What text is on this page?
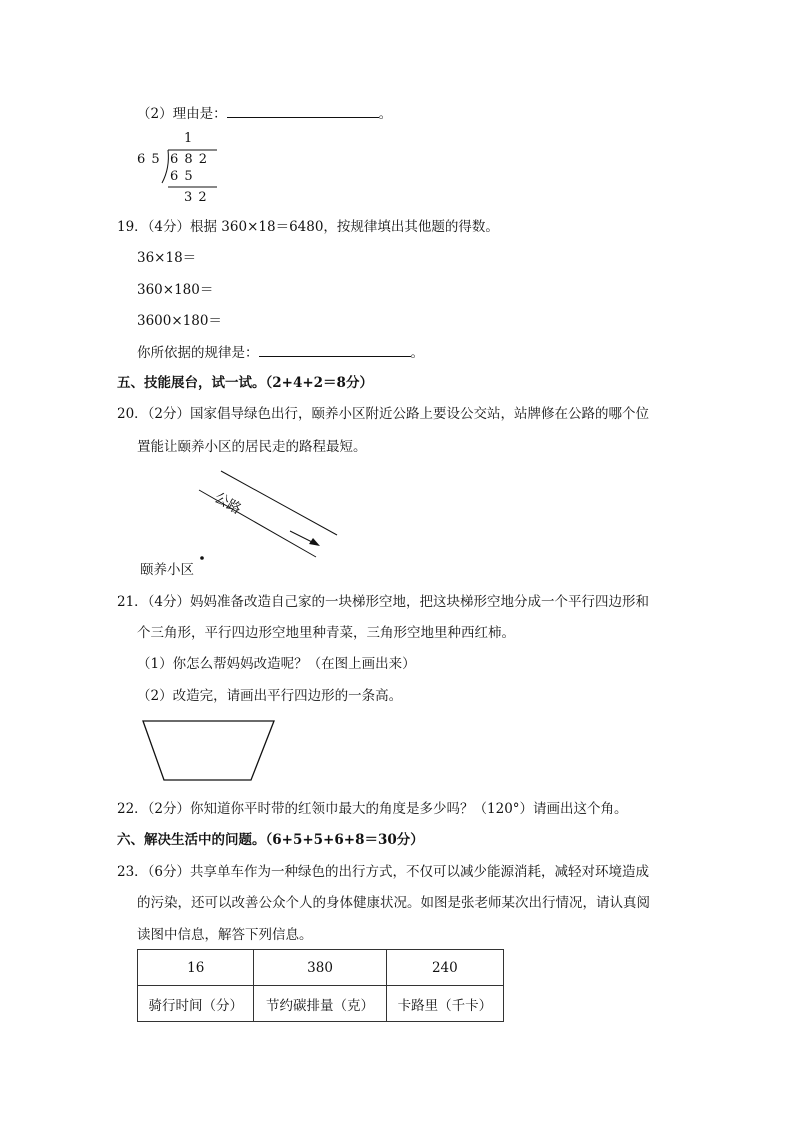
（2）理由是：	。
1
6 5 6 8 2
6 5
3 2
19．（4分）根据 360×18＝6480，按规律填出其他题的得数。
36×18＝
360×180＝
3600×180＝
你所依据的规律是：	。
五、技能展台，试一试。（2+4+2＝8分）
20．（2分）国家倡导绿色出行，颐养小区附近公路上要设公交站，站牌修在公路的哪个位
置能让颐养小区的居民走的路程最短。
公路
颐养小区
21．（4分）妈妈准备改造自己家的一块梯形空地，把这块梯形空地分成一个平行四边形和
个三角形，平行四边形空地里种青菜，三角形空地里种西红柿。
（1）你怎么帮妈妈改造呢？（在图上画出来）
（2）改造完，请画出平行四边形的一条高。
22．（2分）你知道你平时带的红领巾最大的角度是多少吗？（120°）请画出这个角。
六、解决生活中的问题。（6+5+5+6+8＝30分）
23．（6分）共享单车作为一种绿色的出行方式，不仅可以减少能源消耗，减轻对环境造成
的污染，还可以改善公众个人的身体健康状况。如图是张老师某次出行情况，请认真阅
读图中信息，解答下列信息。
16	380	240
骑行时间（分）	节约碳排量（克）	卡路里（千卡）
